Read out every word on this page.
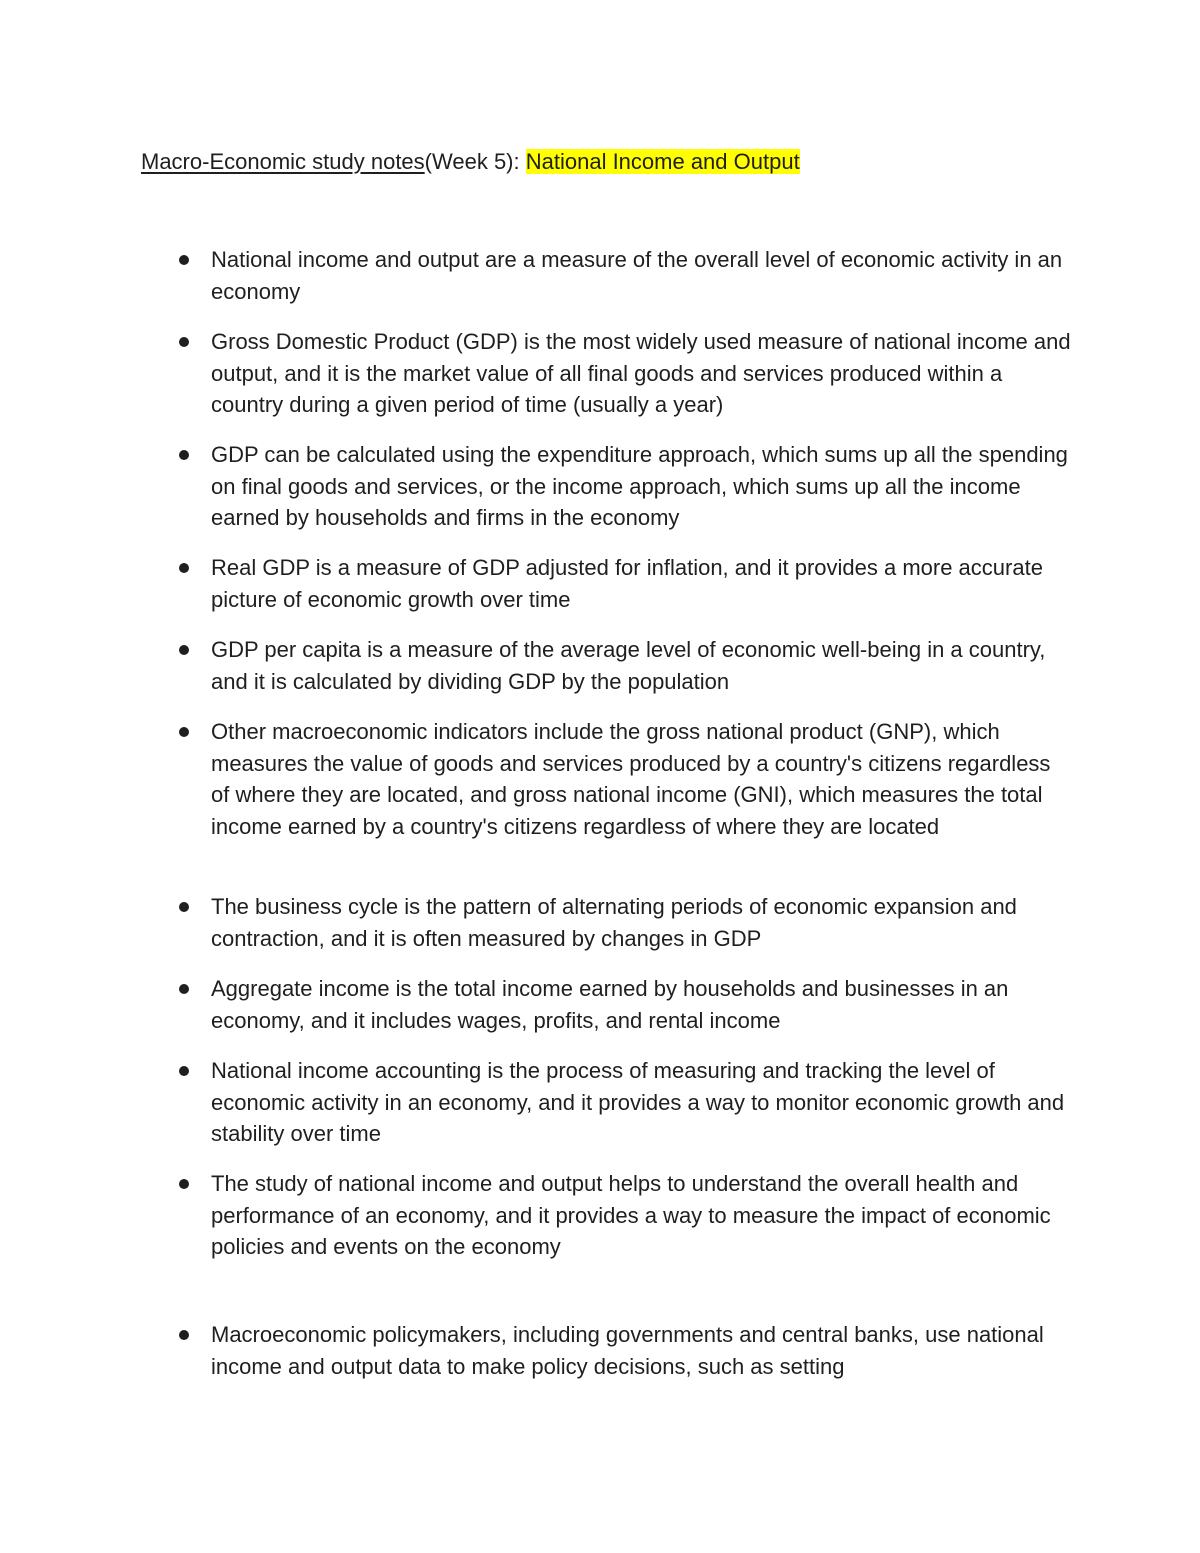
Macro-Economic study notes(Week 5): National Income and Output
National income and output are a measure of the overall level of economic activity in an economy
Gross Domestic Product (GDP) is the most widely used measure of national income and output, and it is the market value of all final goods and services produced within a country during a given period of time (usually a year)
GDP can be calculated using the expenditure approach, which sums up all the spending on final goods and services, or the income approach, which sums up all the income earned by households and firms in the economy
Real GDP is a measure of GDP adjusted for inflation, and it provides a more accurate picture of economic growth over time
GDP per capita is a measure of the average level of economic well-being in a country, and it is calculated by dividing GDP by the population
Other macroeconomic indicators include the gross national product (GNP), which measures the value of goods and services produced by a country's citizens regardless of where they are located, and gross national income (GNI), which measures the total income earned by a country's citizens regardless of where they are located
The business cycle is the pattern of alternating periods of economic expansion and contraction, and it is often measured by changes in GDP
Aggregate income is the total income earned by households and businesses in an economy, and it includes wages, profits, and rental income
National income accounting is the process of measuring and tracking the level of economic activity in an economy, and it provides a way to monitor economic growth and stability over time
The study of national income and output helps to understand the overall health and performance of an economy, and it provides a way to measure the impact of economic policies and events on the economy
Macroeconomic policymakers, including governments and central banks, use national income and output data to make policy decisions, such as setting
